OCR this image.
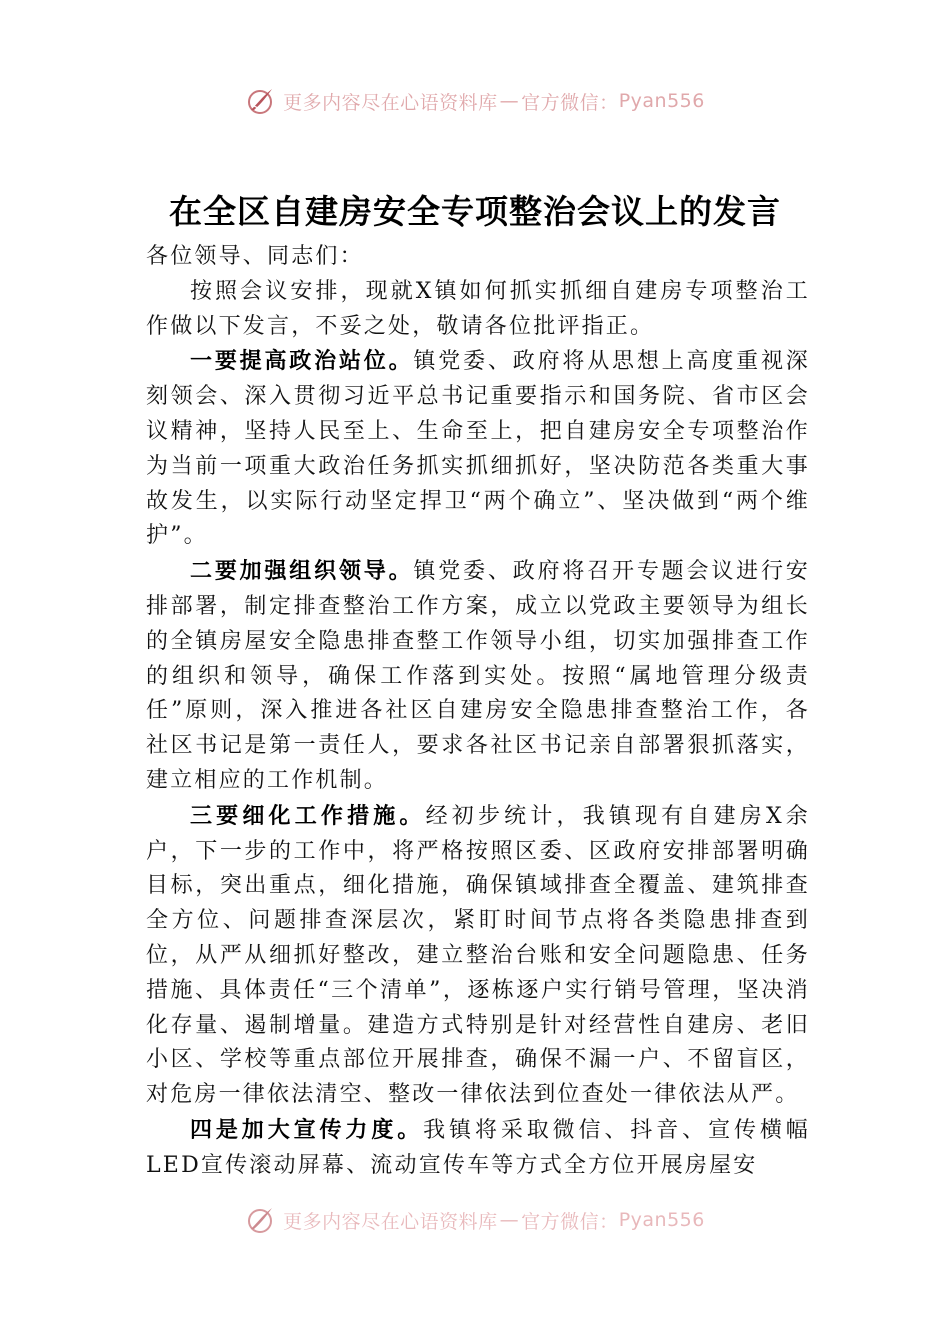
更多内容尽在心语资料库 — 官方微信： Pyan556
在全区自建房安全专项整治会议上的发言

各位领导、同志们：

按照会议安排，现就X镇如何抓实抓细自建房专项整治工作做以下发言，不妥之处，敬请各位批评指正。

一要提高政治站位。镇党委、政府将从思想上高度重视深刻领会、深入贯彻习近平总书记重要指示和国务院、省市区会议精神，坚持人民至上、生命至上，把自建房安全专项整治作为当前一项重大政治任务抓实抓细抓好，坚决防范各类重大事故发生，以实际行动坚定捍卫“两个确立”、坚决做到“两个维护”。

二要加强组织领导。镇党委、政府将召开专题会议进行安排部署，制定排查整治工作方案，成立以党政主要领导为组长的全镇房屋安全隐患排查整工作领导小组，切实加强排查工作的组织和领导，确保工作落到实处。按照“属地管理分级责任”原则，深入推进各社区自建房安全隐患排查整治工作，各社区书记是第一责任人，要求各社区书记亲自部署狠抓落实，建立相应的工作机制。

三要细化工作措施。经初步统计，我镇现有自建房X余户，下一步的工作中，将严格按照区委、区政府安排部署明确目标，突出重点，细化措施，确保镇域排查全覆盖、建筑排查全方位、问题排查深层次，紧盯时间节点将各类隐患排查到位，从严从细抓好整改，建立整治台账和安全问题隐患、任务措施、具体责任“三个清单”，逐栋逐户实行销号管理，坚决消化存量、遏制增量。建造方式特别是针对经营性自建房、老旧小区、学校等重点部位开展排查，确保不漏一户、不留盲区，对危房一律依法清空、整改一律依法到位查处一律依法从严。

四是加大宣传力度。我镇将采取微信、抖音、宣传横幅LED宣传滚动屏幕、流动宣传车等方式全方位开展房屋安

更多内容尽在心语资料库 — 官方微信： Pyan556
